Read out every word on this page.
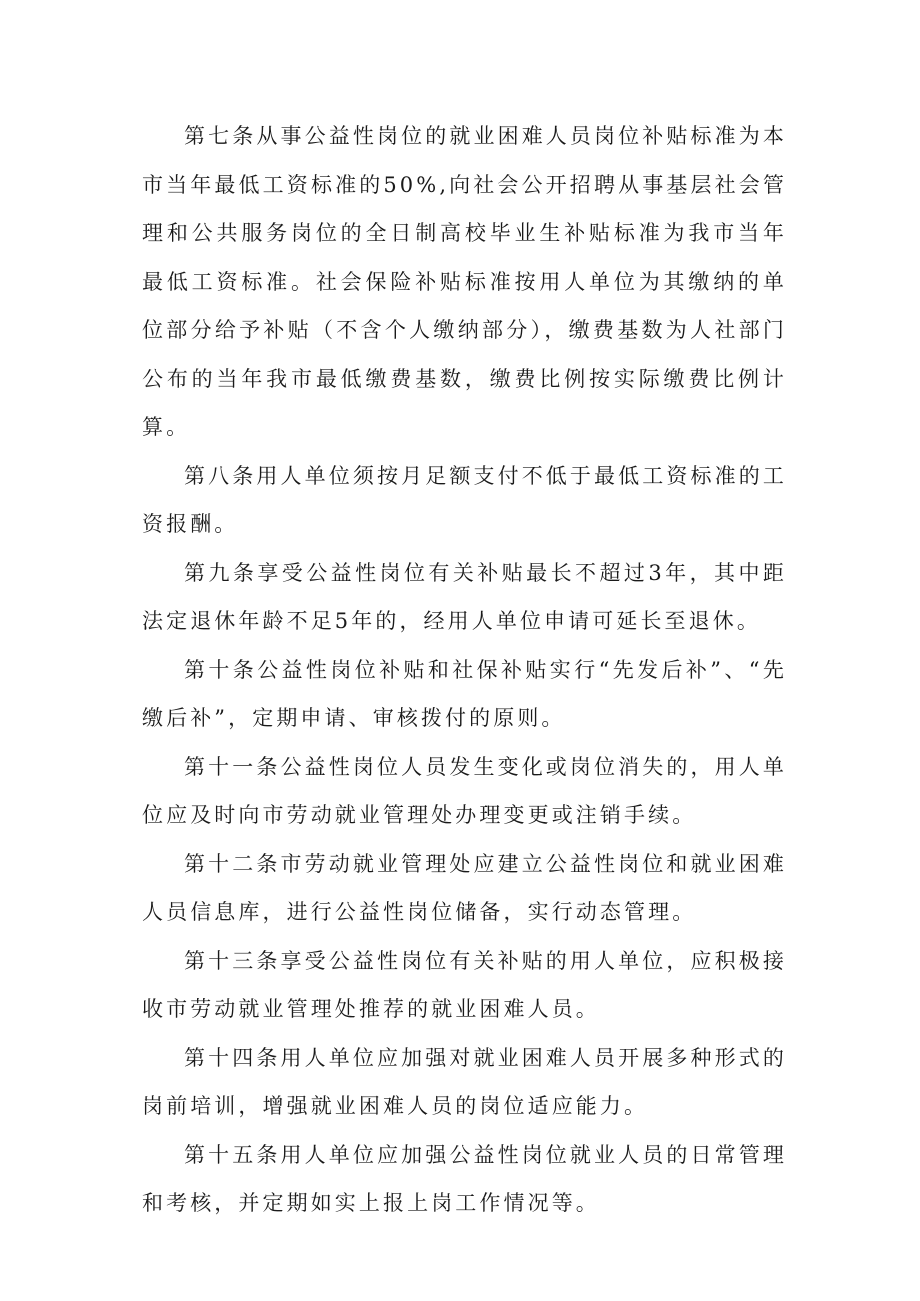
第七条从事公益性岗位的就业困难人员岗位补贴标准为本市当年最低工资标准的50%,向社会公开招聘从事基层社会管理和公共服务岗位的全日制高校毕业生补贴标准为我市当年最低工资标准。社会保险补贴标准按用人单位为其缴纳的单位部分给予补贴（不含个人缴纳部分），缴费基数为人社部门公布的当年我市最低缴费基数，缴费比例按实际缴费比例计算。

第八条用人单位须按月足额支付不低于最低工资标准的工资报酬。

第九条享受公益性岗位有关补贴最长不超过3年，其中距法定退休年龄不足5年的，经用人单位申请可延长至退休。

第十条公益性岗位补贴和社保补贴实行“先发后补”、“先缴后补”，定期申请、审核拨付的原则。

第十一条公益性岗位人员发生变化或岗位消失的，用人单位应及时向市劳动就业管理处办理变更或注销手续。

第十二条市劳动就业管理处应建立公益性岗位和就业困难人员信息库，进行公益性岗位储备，实行动态管理。

第十三条享受公益性岗位有关补贴的用人单位，应积极接收市劳动就业管理处推荐的就业困难人员。

第十四条用人单位应加强对就业困难人员开展多种形式的岗前培训，增强就业困难人员的岗位适应能力。

第十五条用人单位应加强公益性岗位就业人员的日常管理和考核，并定期如实上报上岗工作情况等。
